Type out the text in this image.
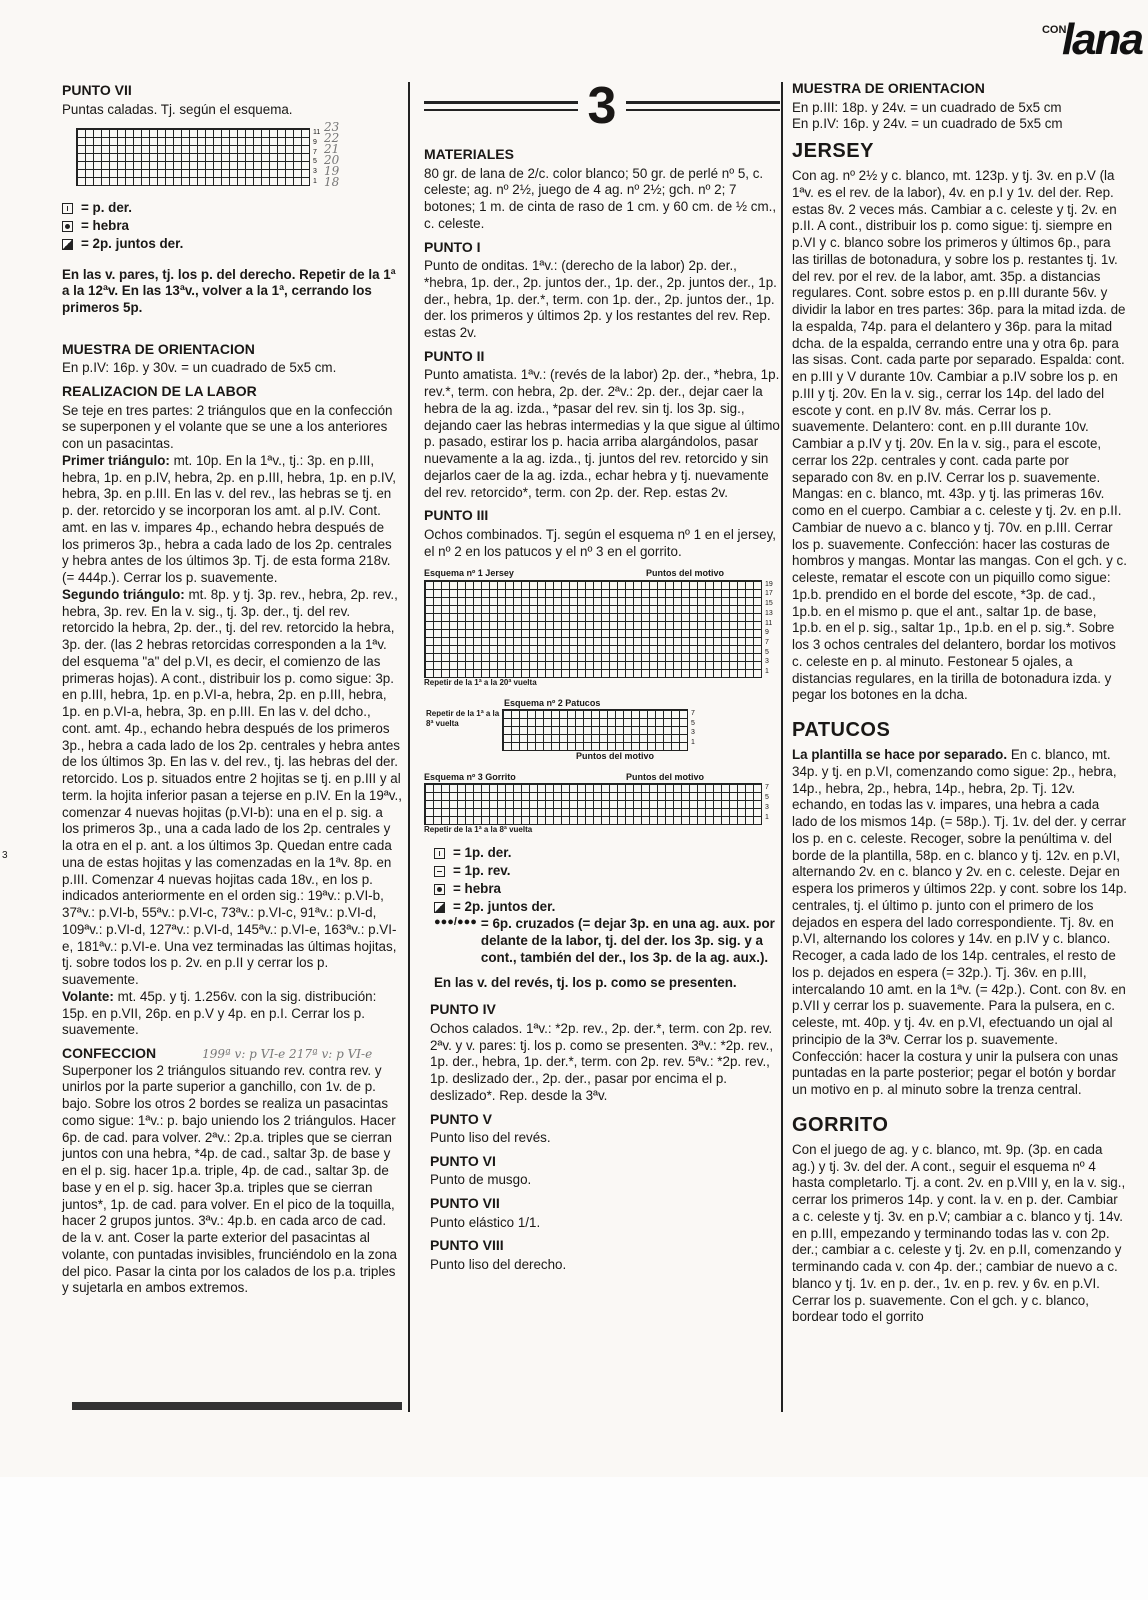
CON
lana
3
PUNTO VII

Puntas caladas. Tj. según el esquema.

11
9
7
5
3
1
23
22
21
20
19
18
= p. der.
= hebra
= 2p. juntos der.

En las v. pares, tj. los p. del derecho. Repetir de la 1ª a la 12ªv. En las 13ªv., volver a la 1ª, cerrando los primeros 5p.

MUESTRA DE ORIENTACION

En p.IV: 16p. y 30v. = un cuadrado de 5x5 cm.

REALIZACION DE LA LABOR

Se teje en tres partes: 2 triángulos que en la confección se superponen y el volante que se une a los anteriores con un pasacintas.

Primer triángulo: mt. 10p. En la 1ªv., tj.: 3p. en p.III, hebra, 1p. en p.IV, hebra, 2p. en p.III, hebra, 1p. en p.IV, hebra, 3p. en p.III. En las v. del rev., las hebras se tj. en p. der. retorcido y se incorporan los amt. al p.IV. Cont. amt. en las v. impares 4p., echando hebra después de los primeros 3p., hebra a cada lado de los 2p. centrales y hebra antes de los últimos 3p. Tj. de esta forma 218v. (= 444p.). Cerrar los p. suavemente.

Segundo triángulo: mt. 8p. y tj. 3p. rev., hebra, 2p. rev., hebra, 3p. rev. En la v. sig., tj. 3p. der., tj. del rev. retorcido la hebra, 2p. der., tj. del rev. retorcido la hebra, 3p. der. (las 2 hebras retorcidas corresponden a la 1ªv. del esquema "a" del p.VI, es decir, el comienzo de las primeras hojas). A cont., distribuir los p. como sigue: 3p. en p.III, hebra, 1p. en p.VI-a, hebra, 2p. en p.III, hebra, 1p. en p.VI-a, hebra, 3p. en p.III. En las v. del dcho., cont. amt. 4p., echando hebra después de los primeros 3p., hebra a cada lado de los 2p. centrales y hebra antes de los últimos 3p. En las v. del rev., tj. las hebras del der. retorcido. Los p. situados entre 2 hojitas se tj. en p.III y al term. la hojita inferior pasan a tejerse en p.IV. En la 19ªv., comenzar 4 nuevas hojitas (p.VI-b): una en el p. sig. a los primeros 3p., una a cada lado de los 2p. centrales y la otra en el p. ant. a los últimos 3p. Quedan entre cada una de estas hojitas y las comenzadas en la 1ªv. 8p. en p.III. Comenzar 4 nuevas hojitas cada 18v., en los p. indicados anteriormente en el orden sig.: 19ªv.: p.VI-b, 37ªv.: p.VI-b, 55ªv.: p.VI-c, 73ªv.: p.VI-c, 91ªv.: p.VI-d, 109ªv.: p.VI-d, 127ªv.: p.VI-d, 145ªv.: p.VI-e, 163ªv.: p.VI-e, 181ªv.: p.VI-e. Una vez terminadas las últimas hojitas, tj. sobre todos los p. 2v. en p.II y cerrar los p. suavemente.

Volante: mt. 45p. y tj. 1.256v. con la sig. distribución: 15p. en p.VII, 26p. en p.V y 4p. en p.I. Cerrar los p. suavemente.

CONFECCION	199ª v: p VI-e 217ª v: p VI-e

Superponer los 2 triángulos situando rev. contra rev. y unirlos por la parte superior a ganchillo, con 1v. de p. bajo. Sobre los otros 2 bordes se realiza un pasacintas como sigue: 1ªv.: p. bajo uniendo los 2 triángulos. Hacer 6p. de cad. para volver. 2ªv.: 2p.a. triples que se cierran juntos con una hebra, *4p. de cad., saltar 3p. de base y en el p. sig. hacer 1p.a. triple, 4p. de cad., saltar 3p. de base y en el p. sig. hacer 3p.a. triples que se cierran juntos*, 1p. de cad. para volver. En el pico de la toquilla, hacer 2 grupos juntos. 3ªv.: 4p.b. en cada arco de cad. de la v. ant. Coser la parte exterior del pasacintas al volante, con puntadas invisibles, frunciéndolo en la zona del pico. Pasar la cinta por los calados de los p.a. triples y sujetarla en ambos extremos.

3
MATERIALES

80 gr. de lana de 2/c. color blanco; 50 gr. de perlé nº 5, c. celeste; ag. nº 2½, juego de 4 ag. nº 2½; gch. nº 2; 7 botones; 1 m. de cinta de raso de 1 cm. y 60 cm. de ½ cm., c. celeste.

PUNTO I

Punto de onditas. 1ªv.: (derecho de la labor) 2p. der., *hebra, 1p. der., 2p. juntos der., 1p. der., 2p. juntos der., 1p. der., hebra, 1p. der.*, term. con 1p. der., 2p. juntos der., 1p. der. los primeros y últimos 2p. y los restantes del rev. Rep. estas 2v.

PUNTO II

Punto amatista. 1ªv.: (revés de la labor) 2p. der., *hebra, 1p. rev.*, term. con hebra, 2p. der. 2ªv.: 2p. der., dejar caer la hebra de la ag. izda., *pasar del rev. sin tj. los 3p. sig., dejando caer las hebras intermedias y la que sigue al último p. pasado, estirar los p. hacia arriba alargándolos, pasar nuevamente a la ag. izda., tj. juntos del rev. retorcido y sin dejarlos caer de la ag. izda., echar hebra y tj. nuevamente del rev. retorcido*, term. con 2p. der. Rep. estas 2v.

PUNTO III

Ochos combinados. Tj. según el esquema nº 1 en el jersey, el nº 2 en los patucos y el nº 3 en el gorrito.

Esquema nº 1 Jersey	Puntos del motivo
19
17
15
13
11
9
7
5
3
1
Repetir de la 1ª a la 20ª vuelta
Esquema nº 2 Patucos
Repetir de la 1ª a la 8ª vuelta
7
5
3
1
Puntos del motivo
Esquema nº 3 Gorrito	Puntos del motivo
7
5
3
1
Repetir de la 1ª a la 8ª vuelta
= 1p. der.
= 1p. rev.
= hebra
= 2p. juntos der.
●●●/●●● = 6p. cruzados (= dejar 3p. en una ag. aux. por delante de la labor, tj. del der. los 3p. sig. y a cont., también del der., los 3p. de la ag. aux.).

En las v. del revés, tj. los p. como se presenten.

PUNTO IV

Ochos calados. 1ªv.: *2p. rev., 2p. der.*, term. con 2p. rev. 2ªv. y v. pares: tj. los p. como se presenten. 3ªv.: *2p. rev., 1p. der., hebra, 1p. der.*, term. con 2p. rev. 5ªv.: *2p. rev., 1p. deslizado der., 2p. der., pasar por encima el p. deslizado*. Rep. desde la 3ªv.

PUNTO V

Punto liso del revés.

PUNTO VI

Punto de musgo.

PUNTO VII

Punto elástico 1/1.

PUNTO VIII

Punto liso del derecho.

MUESTRA DE ORIENTACION
En p.III: 18p. y 24v. = un cuadrado de 5x5 cm
En p.IV: 16p. y 24v. = un cuadrado de 5x5 cm
JERSEY

Con ag. nº 2½ y c. blanco, mt. 123p. y tj. 3v. en p.V (la 1ªv. es el rev. de la labor), 4v. en p.I y 1v. del der. Rep. estas 8v. 2 veces más. Cambiar a c. celeste y tj. 2v. en p.II. A cont., distribuir los p. como sigue: tj. siempre en p.VI y c. blanco sobre los primeros y últimos 6p., para las tirillas de botonadura, y sobre los p. restantes tj. 1v. del rev. por el rev. de la labor, amt. 35p. a distancias regulares. Cont. sobre estos p. en p.III durante 56v. y dividir la labor en tres partes: 36p. para la mitad izda. de la espalda, 74p. para el delantero y 36p. para la mitad dcha. de la espalda, cerrando entre una y otra 6p. para las sisas. Cont. cada parte por separado. Espalda: cont. en p.III y V durante 10v. Cambiar a p.IV sobre los p. en p.III y tj. 20v. En la v. sig., cerrar los 14p. del lado del escote y cont. en p.IV 8v. más. Cerrar los p. suavemente. Delantero: cont. en p.III durante 10v. Cambiar a p.IV y tj. 20v. En la v. sig., para el escote, cerrar los 22p. centrales y cont. cada parte por separado con 8v. en p.IV. Cerrar los p. suavemente. Mangas: en c. blanco, mt. 43p. y tj. las primeras 16v. como en el cuerpo. Cambiar a c. celeste y tj. 2v. en p.II. Cambiar de nuevo a c. blanco y tj. 70v. en p.III. Cerrar los p. suavemente. Confección: hacer las costuras de hombros y mangas. Montar las mangas. Con el gch. y c. celeste, rematar el escote con un piquillo como sigue: 1p.b. prendido en el borde del escote, *3p. de cad., 1p.b. en el mismo p. que el ant., saltar 1p. de base, 1p.b. en el p. sig., saltar 1p., 1p.b. en el p. sig.*. Sobre los 3 ochos centrales del delantero, bordar los motivos c. celeste en p. al minuto. Festonear 5 ojales, a distancias regulares, en la tirilla de botonadura izda. y pegar los botones en la dcha.

PATUCOS

La plantilla se hace por separado. En c. blanco, mt. 34p. y tj. en p.VI, comenzando como sigue: 2p., hebra, 14p., hebra, 2p., hebra, 14p., hebra, 2p. Tj. 12v. echando, en todas las v. impares, una hebra a cada lado de los mismos 14p. (= 58p.). Tj. 1v. del der. y cerrar los p. en c. celeste. Recoger, sobre la penúltima v. del borde de la plantilla, 58p. en c. blanco y tj. 12v. en p.VI, alternando 2v. en c. blanco y 2v. en c. celeste. Dejar en espera los primeros y últimos 22p. y cont. sobre los 14p. centrales, tj. el último p. junto con el primero de los dejados en espera del lado correspondiente. Tj. 8v. en p.VI, alternando los colores y 14v. en p.IV y c. blanco. Recoger, a cada lado de los 14p. centrales, el resto de los p. dejados en espera (= 32p.). Tj. 36v. en p.III, intercalando 10 amt. en la 1ªv. (= 42p.). Cont. con 8v. en p.VII y cerrar los p. suavemente. Para la pulsera, en c. celeste, mt. 40p. y tj. 4v. en p.VI, efectuando un ojal al principio de la 3ªv. Cerrar los p. suavemente. Confección: hacer la costura y unir la pulsera con unas puntadas en la parte posterior; pegar el botón y bordar un motivo en p. al minuto sobre la trenza central.

GORRITO

Con el juego de ag. y c. blanco, mt. 9p. (3p. en cada ag.) y tj. 3v. del der. A cont., seguir el esquema nº 4 hasta completarlo. Tj. a cont. 2v. en p.VIII y, en la v. sig., cerrar los primeros 14p. y cont. la v. en p. der. Cambiar a c. celeste y tj. 3v. en p.V; cambiar a c. blanco y tj. 14v. en p.III, empezando y terminando todas las v. con 2p. der.; cambiar a c. celeste y tj. 2v. en p.II, comenzando y terminando cada v. con 4p. der.; cambiar de nuevo a c. blanco y tj. 1v. en p. der., 1v. en p. rev. y 6v. en p.VI. Cerrar los p. suavemente. Con el gch. y c. blanco, bordear todo el gorrito
